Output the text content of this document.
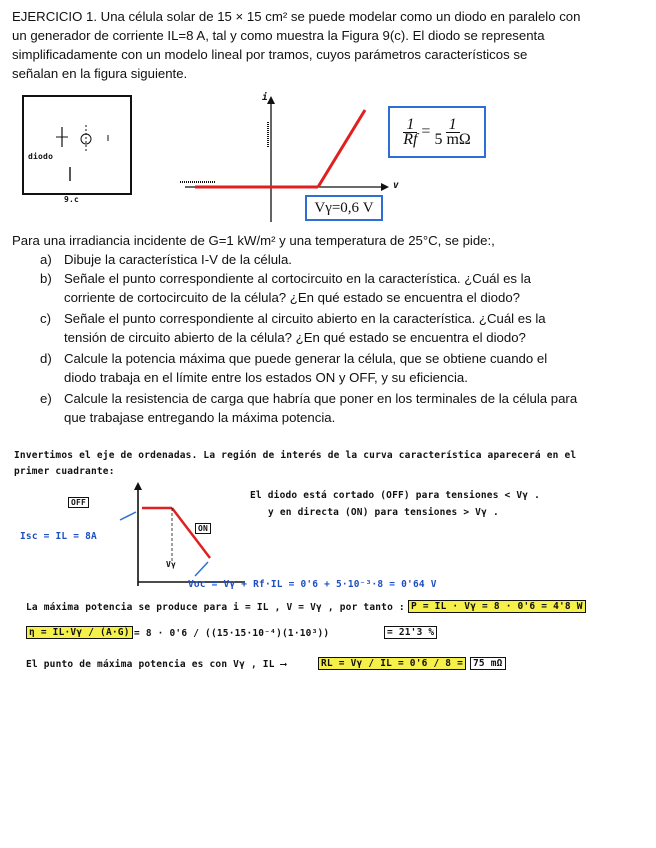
EJERCICIO 1. Una célula solar de 15 × 15 cm² se puede modelar como un diodo en paralelo con
un generador de corriente IL=8 A, tal y como muestra la Figura 9(c). El diodo se representa
simplificadamente con un modelo lineal por tramos, cuyos parámetros característicos se
señalan en la figura siguiente.
diodo
9.c
i
v
$\frac{1}{Rf} = \frac{1}{5 m\Omega}$
Vγ=0,6 V
Para una irradiancia incidente de G=1 kW/m² y una temperatura de 25°C, se pide:,
a) Dibuje la característica I-V de la célula.
b) Señale el punto correspondiente al cortocircuito en la característica. ¿Cuál es la
corriente de cortocircuito de la célula? ¿En qué estado se encuentra el diodo?
c) Señale el punto correspondiente al circuito abierto en la característica. ¿Cuál es la
tensión de circuito abierto de la célula? ¿En qué estado se encuentra el diodo?
d) Calcule la potencia máxima que puede generar la célula, que se obtiene cuando el
diodo trabaja en el límite entre los estados ON y OFF, y su eficiencia.
e) Calcule la resistencia de carga que habría que poner en los terminales de la célula para
que trabajase entregando la máxima potencia.
Invertimos el eje de ordenadas. La región de interés de la curva característica aparecerá en el
primer cuadrante:
OFF
ON
Isc = IL = 8A
Vγ
Voc = Vγ + Rf·IL = 0'6 + 5·10⁻³·8 = 0'64 V
El diodo está cortado (OFF) para tensiones < Vγ .
y en directa (ON) para tensiones > Vγ .
La máxima potencia se produce para i = IL , V = Vγ , por tanto : P = IL · Vγ = 8 · 0'6 = 4'8 W
η = IL·Vγ / (A·G) = 8 · 0'6 / ((15·15·10⁻⁴)(1·10³))	= 21'3 %
El punto de máxima potencia es con Vγ , IL ⟶	RL = Vγ / IL = 0'6 / 8 =	75 mΩ
